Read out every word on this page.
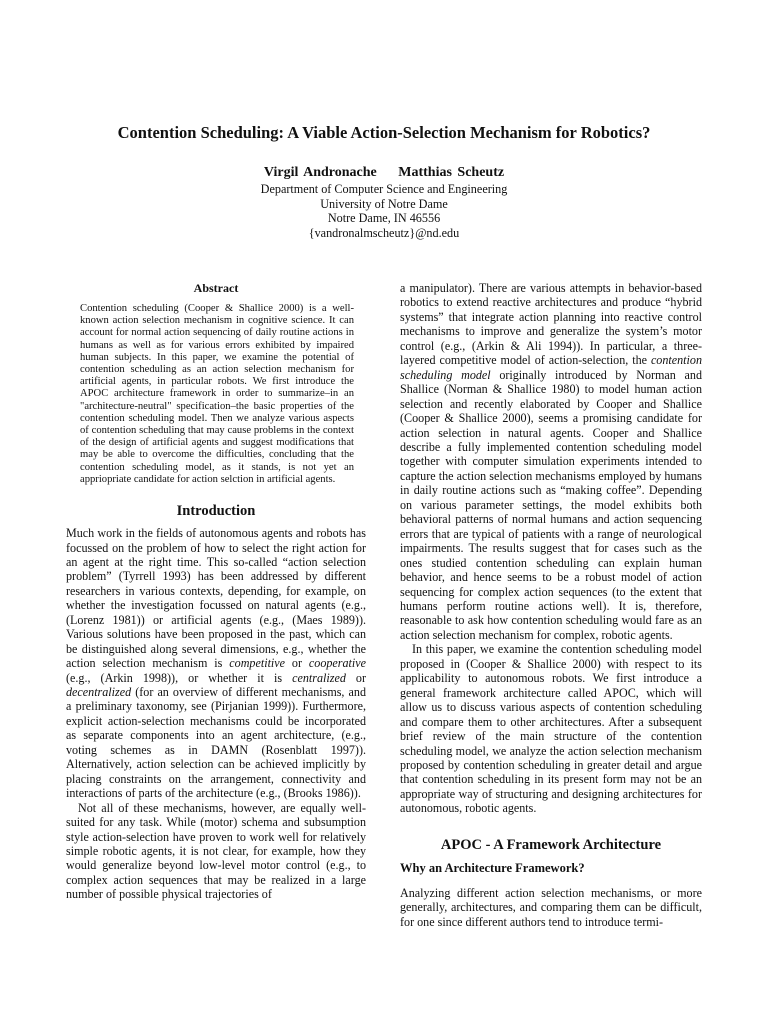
Contention Scheduling: A Viable Action-Selection Mechanism for Robotics?
Virgil Andronache Matthias Scheutz
Department of Computer Science and Engineering
University of Notre Dame
Notre Dame, IN 46556
{vandronalmscheutz}@nd.edu
Abstract
Contention scheduling (Cooper & Shallice 2000) is a well-known action selection mechanism in cognitive science. It can account for normal action sequencing of daily routine actions in humans as well as for various errors exhibited by impaired human subjects. In this paper, we examine the potential of contention scheduling as an action selection mechanism for artificial agents, in particular robots. We first introduce the APOC architecture framework in order to summarize–in an "architecture-neutral" specification–the basic properties of the contention scheduling model. Then we analyze various aspects of contention scheduling that may cause problems in the context of the design of artificial agents and suggest modifications that may be able to overcome the difficulties, concluding that the contention scheduling model, as it stands, is not yet an appriopriate candidate for action selction in artificial agents.
Introduction

Much work in the fields of autonomous agents and robots has focussed on the problem of how to select the right action for an agent at the right time. This so-called “action selection problem” (Tyrrell 1993) has been addressed by different researchers in various contexts, depending, for example, on whether the investigation focussed on natural agents (e.g., (Lorenz 1981)) or artificial agents (e.g., (Maes 1989)). Various solutions have been proposed in the past, which can be distinguished along several dimensions, e.g., whether the action selection mechanism is competitive or cooperative (e.g., (Arkin 1998)), or whether it is centralized or decentralized (for an overview of different mechanisms, and a preliminary taxonomy, see (Pirjanian 1999)). Furthermore, explicit action-selection mechanisms could be incorporated as separate components into an agent architecture, (e.g., voting schemes as in DAMN (Rosenblatt 1997)). Alternatively, action selection can be achieved implicitly by placing constraints on the arrangement, connectivity and interactions of parts of the architecture (e.g., (Brooks 1986)).

Not all of these mechanisms, however, are equally well-suited for any task. While (motor) schema and subsumption style action-selection have proven to work well for relatively simple robotic agents, it is not clear, for example, how they would generalize beyond low-level motor control (e.g., to complex action sequences that may be realized in a large number of possible physical trajectories of

a manipulator). There are various attempts in behavior-based robotics to extend reactive architectures and produce “hybrid systems” that integrate action planning into reactive control mechanisms to improve and generalize the system’s motor control (e.g., (Arkin & Ali 1994)). In particular, a three-layered competitive model of action-selection, the contention scheduling model originally introduced by Norman and Shallice (Norman & Shallice 1980) to model human action selection and recently elaborated by Cooper and Shallice (Cooper & Shallice 2000), seems a promising candidate for action selection in natural agents. Cooper and Shallice describe a fully implemented contention scheduling model together with computer simulation experiments intended to capture the action selection mechanisms employed by humans in daily routine actions such as “making coffee”. Depending on various parameter settings, the model exhibits both behavioral patterns of normal humans and action sequencing errors that are typical of patients with a range of neurological impairments. The results suggest that for cases such as the ones studied contention scheduling can explain human behavior, and hence seems to be a robust model of action sequencing for complex action sequences (to the extent that humans perform routine actions well). It is, therefore, reasonable to ask how contention scheduling would fare as an action selection mechanism for complex, robotic agents.

In this paper, we examine the contention scheduling model proposed in (Cooper & Shallice 2000) with respect to its applicability to autonomous robots. We first introduce a general framework architecture called APOC, which will allow us to discuss various aspects of contention scheduling and compare them to other architectures. After a subsequent brief review of the main structure of the contention scheduling model, we analyze the action selection mechanism proposed by contention scheduling in greater detail and argue that contention scheduling in its present form may not be an appropriate way of structuring and designing architectures for autonomous, robotic agents.

APOC - A Framework Architecture
Why an Architecture Framework?

Analyzing different action selection mechanisms, or more generally, architectures, and comparing them can be difficult, for one since different authors tend to introduce termi-
